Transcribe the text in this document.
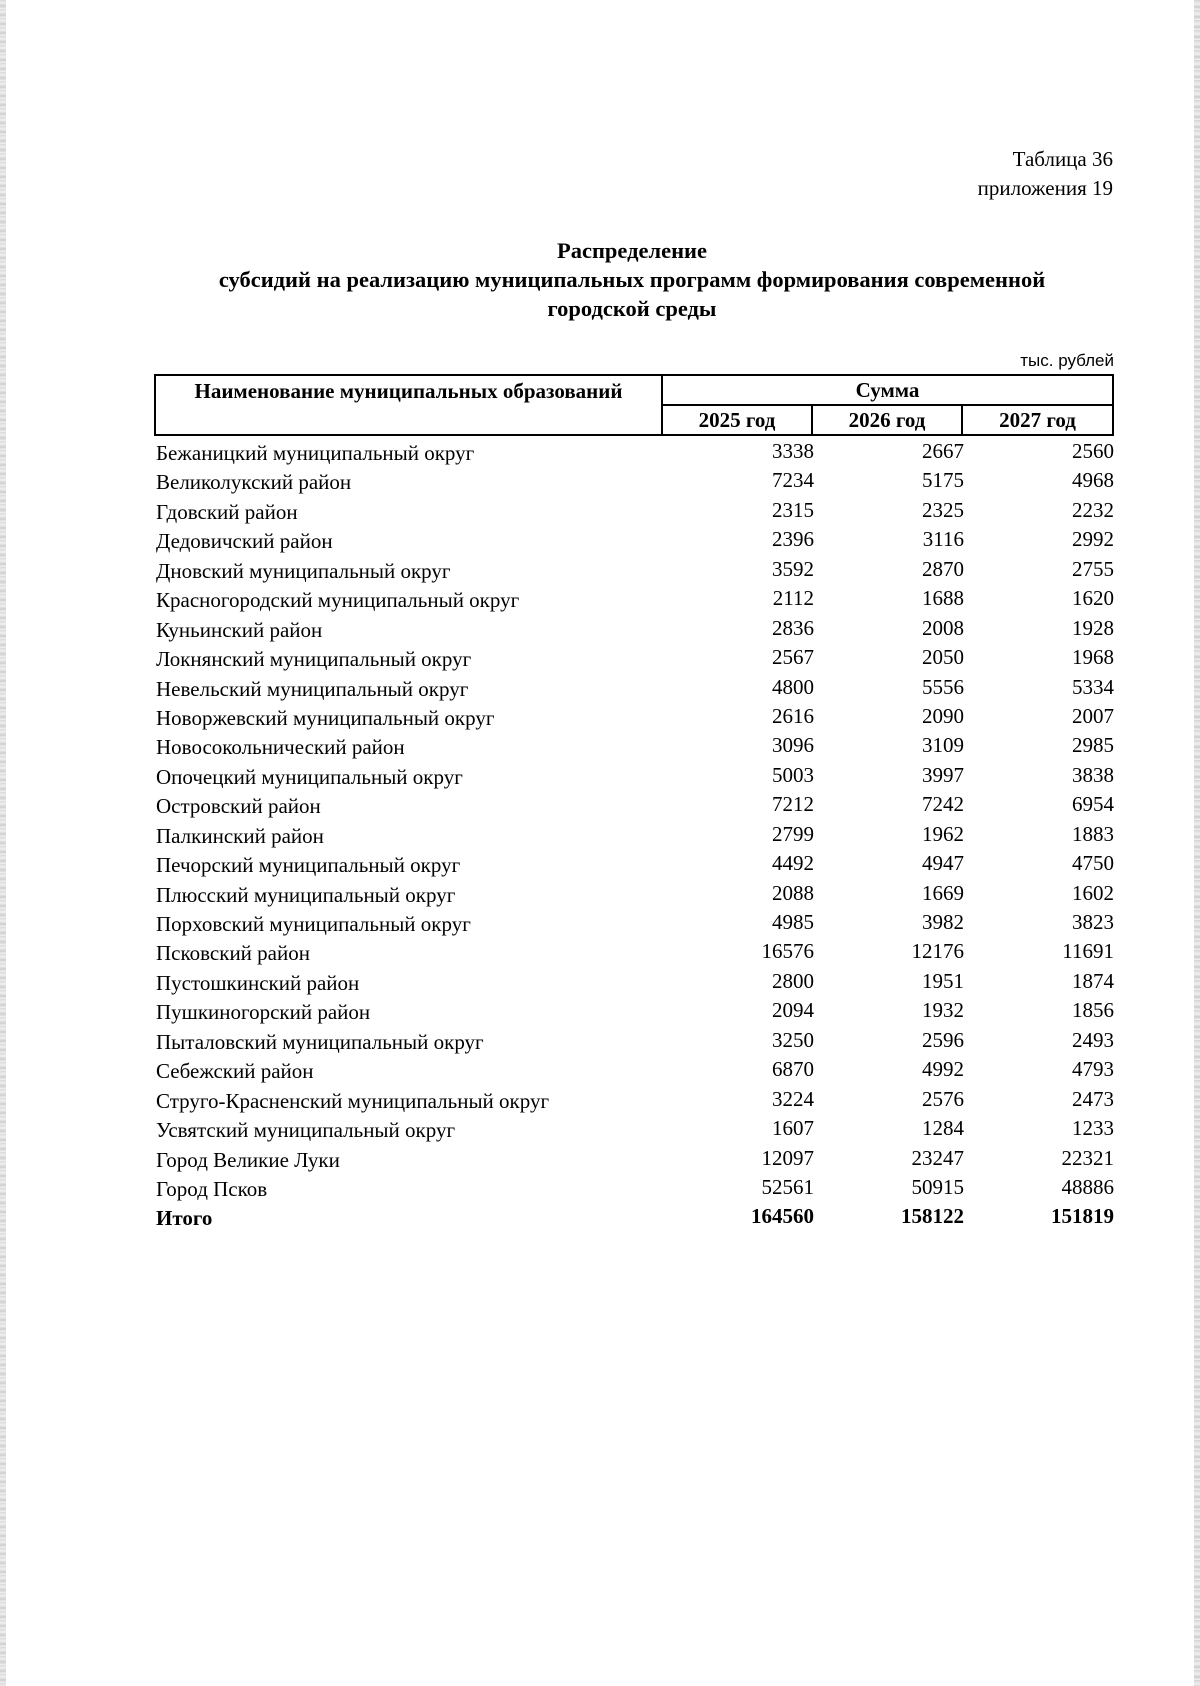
Таблица 36
приложения 19
Распределение
субсидий на реализацию муниципальных программ формирования современной
городской среды
тыс. рублей
Наименование муниципальных образований	Сумма
2025 год	2026 год	2027 год
Бежаницкий муниципальный округ	3338	2667	2560
Великолукский район	7234	5175	4968
Гдовский район	2315	2325	2232
Дедовичский район	2396	3116	2992
Дновский муниципальный округ	3592	2870	2755
Красногородский муниципальный округ	2112	1688	1620
Куньинский район	2836	2008	1928
Локнянский муниципальный округ	2567	2050	1968
Невельский муниципальный округ	4800	5556	5334
Новоржевский муниципальный округ	2616	2090	2007
Новосокольнический район	3096	3109	2985
Опочецкий муниципальный округ	5003	3997	3838
Островский район	7212	7242	6954
Палкинский район	2799	1962	1883
Печорский муниципальный округ	4492	4947	4750
Плюсский муниципальный округ	2088	1669	1602
Порховский муниципальный округ	4985	3982	3823
Псковский район	16576	12176	11691
Пустошкинский район	2800	1951	1874
Пушкиногорский район	2094	1932	1856
Пыталовский муниципальный округ	3250	2596	2493
Себежский район	6870	4992	4793
Струго-Красненский муниципальный округ	3224	2576	2473
Усвятский муниципальный округ	1607	1284	1233
Город Великие Луки	12097	23247	22321
Город Псков	52561	50915	48886
Итого	164560	158122	151819
